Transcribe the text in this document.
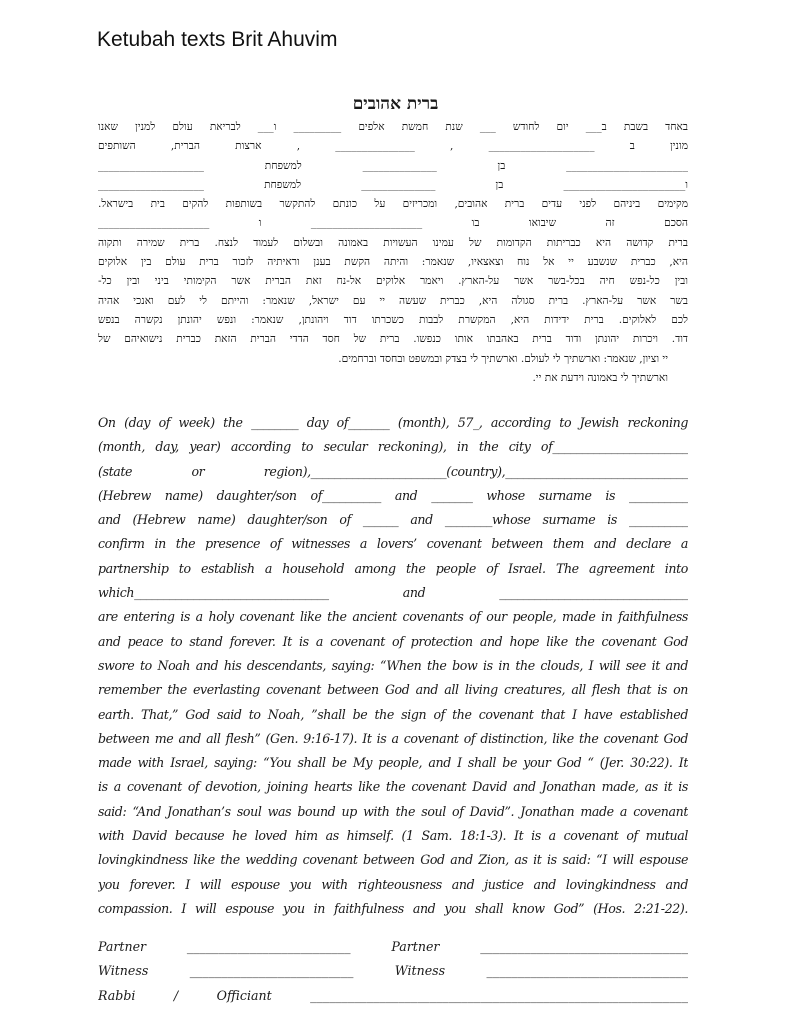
Ketubah texts Brit Ahuvim
ברית אהובים
באחד בשבת ב___ יום לחודש ___ שנת חמשת אלפים _________ ו___ לבריאת עולם למנין שאנו
מונין ב ____________________ , _______________ , ארצות הברית, השותפים
_______________________ בן ______________ למשפחת ____________________
ו_______________________ בן ______________ למשפחת ____________________
מקימים ביניהם לפני עדים ברית אהובים, ומכריזים על כונתם להתקשר בשותפות להקים בית בישראל.
הסכם זה שיבואו בו _____________________ ו _____________________
ברית קדושה היא כבריתות הקדומות של עמינו העשויות באמונה ובשלום לעמוד לנצח. ברית שמירה ותקוה
היא, כברית שנשבע יי אל נוח וצאצאיו, שנאמר: והיתה הקשת בענן וראיתיה לזכור ברית עולם בין אלוקים
ובין כל-נפש חיה בכל-בשר אשר על-הארץ. ויאמר אלוקים אל-נח זאת הברית אשר הקימותי ביני ובין כל-
בשר אשר על-הארץ. ברית סגולה היא, כברית שעשה יי עם ישראל, שנאמר: והייתם לי לעם ואנכי אהיה
לכם לאלוקים. ברית ידידות היא, המקשרת לבבות כשכרתו דוד ויהונתן, שנאמר: ונפש יהונתן נקשרה בנפש
דוד. ויכרות יהונתן ודוד ברית באהבתו אותו כנפשו. ברית של חסד הדדי הברית הזאת כברית נישואיהם של
יי וציון, שנאמר: וארשתיך לי לעולם. וארשתיך לי בצדק ובמשפט ובחסד וברחמים.
וארשתיך לי באמונה וידעת את יי.
On (day of week) the ________ day of_______ (month), 57_, according to Jewish reckoning
(month, day, year) according to secular reckoning), in the city of_______________________
(state or region),_______________________(country),_______________________________
(Hebrew name) daughter/son of__________ and _______ whose surname is __________
and (Hebrew name) daughter/son of ______ and ________whose surname is __________
confirm in the presence of witnesses a lovers’ covenant between them and declare a
partnership to establish a household among the people of Israel. The agreement into
which_________________________________ and ________________________________
are entering is a holy covenant like the ancient covenants of our people, made in faithfulness
and peace to stand forever. It is a covenant of protection and hope like the covenant God
swore to Noah and his descendants, saying: “When the bow is in the clouds, I will see it and
remember the everlasting covenant between God and all living creatures, all flesh that is on
earth. That,” God said to Noah, ”shall be the sign of the covenant that I have established
between me and all flesh” (Gen. 9:16-17). It is a covenant of distinction, like the covenant God
made with Israel, saying: “You shall be My people, and I shall be your God “ (Jer. 30:22). It
is a covenant of devotion, joining hearts like the covenant David and Jonathan made, as it is
said: “And Jonathan’s soul was bound up with the soul of David”. Jonathan made a covenant
with David because he loved him as himself. (1 Sam. 18:1-3). It is a covenant of mutual
lovingkindness like the wedding covenant between God and Zion, as it is said: “I will espouse
you forever. I will espouse you with righteousness and justice and lovingkindness and
compassion. I will espouse you in faithfulness and you shall know God” (Hos. 2:21-22).
Partner __________________________ Partner _________________________________
Witness __________________________ Witness ________________________________
Rabbi / Officiant ____________________________________________________________
